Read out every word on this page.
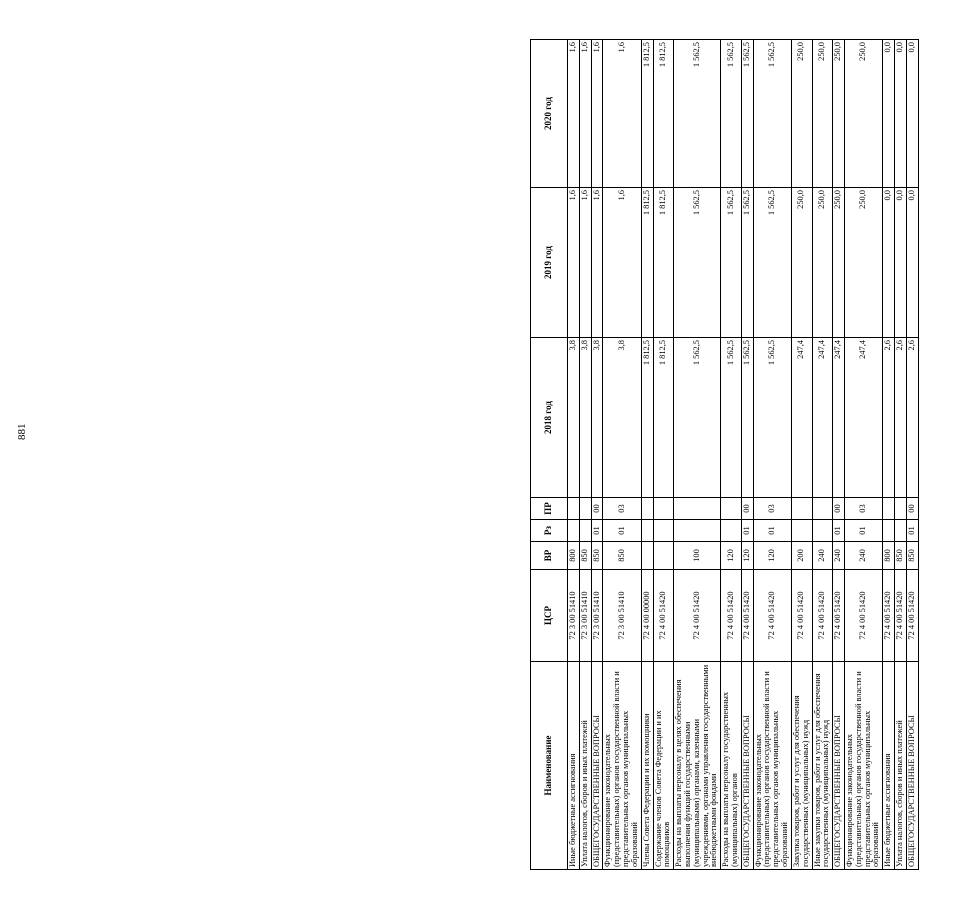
881
Наименование	ЦСР	ВР	Рз	ПР	2018 год	2019 год	2020 год
Иные бюджетные ассигнования	72 3 00 51410	800			3,8	1,6	1,6
Уплата налогов, сборов и иных платежей	72 3 00 51410	850			3,8	1,6	1,6
ОБЩЕГОСУДАРСТВЕННЫЕ ВОПРОСЫ	72 3 00 51410	850	01	00	3,8	1,6	1,6
Функционирование законодательных (представительных) органов государственной власти и представительных органов муниципальных образований	72 3 00 51410	850	01	03	3,8	1,6	1,6
Члены Совета Федерации и их помощники	72 4 00 00000				1 812,5	1 812,5	1 812,5
Содержание членов Совета Федерации и их помощников	72 4 00 51420				1 812,5	1 812,5	1 812,5
Расходы на выплаты персоналу в целях обеспечения выполнения функций государственными (муниципальными) органами, казенными учреждениями, органами управления государственными внебюджетными фондами	72 4 00 51420	100			1 562,5	1 562,5	1 562,5
Расходы на выплаты персоналу государственных (муниципальных) органов	72 4 00 51420	120			1 562,5	1 562,5	1 562,5
ОБЩЕГОСУДАРСТВЕННЫЕ ВОПРОСЫ	72 4 00 51420	120	01	00	1 562,5	1 562,5	1 562,5
Функционирование законодательных (представительных) органов государственной власти и представительных органов муниципальных образований	72 4 00 51420	120	01	03	1 562,5	1 562,5	1 562,5
Закупка товаров, работ и услуг для обеспечения государственных (муниципальных) нужд	72 4 00 51420	200			247,4	250,0	250,0
Иные закупки товаров, работ и услуг для обеспечения государственных (муниципальных) нужд	72 4 00 51420	240			247,4	250,0	250,0
ОБЩЕГОСУДАРСТВЕННЫЕ ВОПРОСЫ	72 4 00 51420	240	01	00	247,4	250,0	250,0
Функционирование законодательных (представительных) органов государственной власти и представительных органов муниципальных образований	72 4 00 51420	240	01	03	247,4	250,0	250,0
Иные бюджетные ассигнования	72 4 00 51420	800			2,6	0,0	0,0
Уплата налогов, сборов и иных платежей	72 4 00 51420	850			2,6	0,0	0,0
ОБЩЕГОСУДАРСТВЕННЫЕ ВОПРОСЫ	72 4 00 51420	850	01	00	2,6	0,0	0,0
